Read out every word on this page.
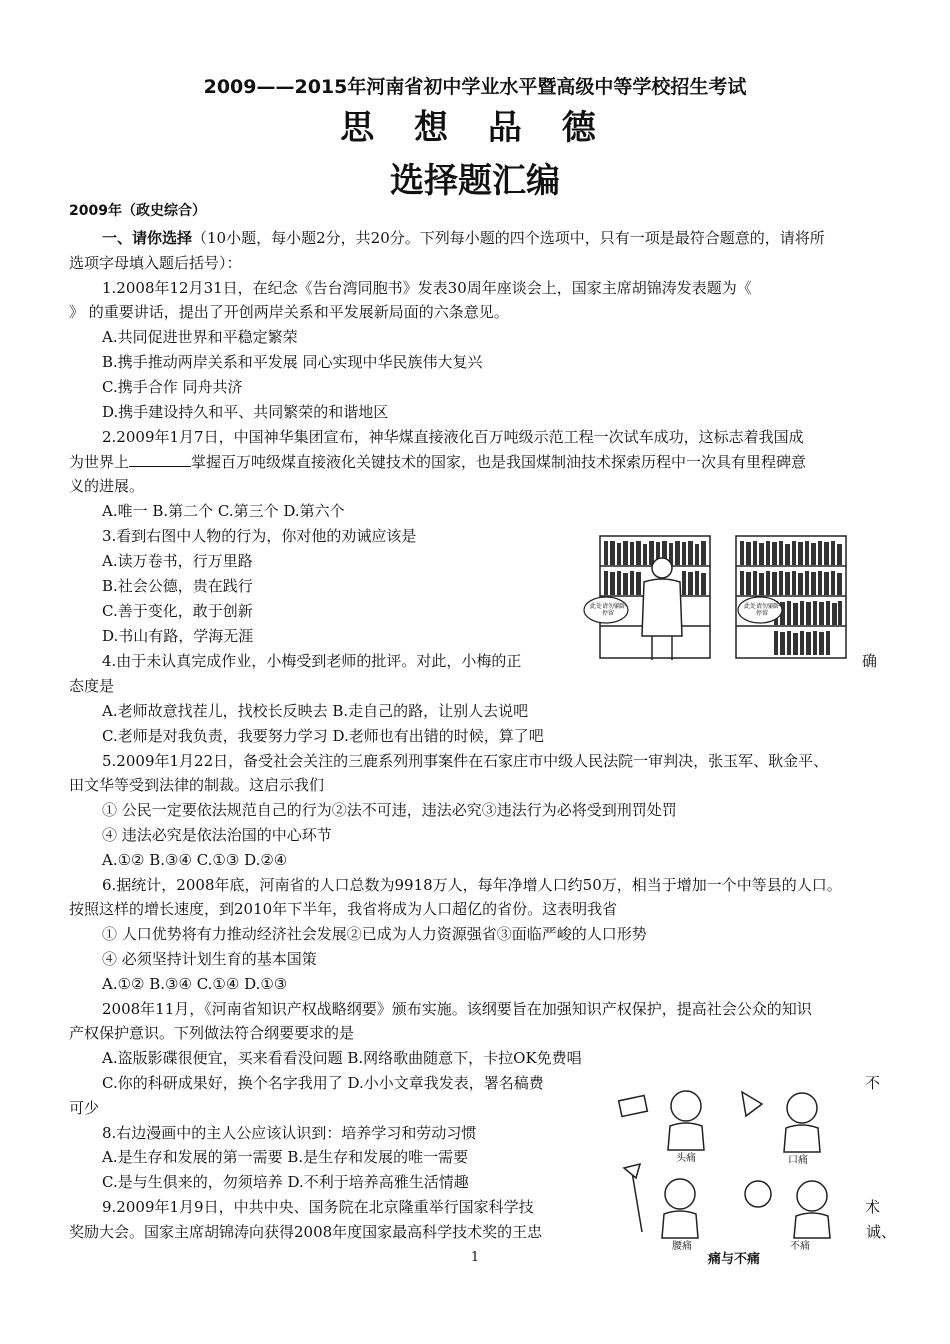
2009——2015年河南省初中学业水平暨高级中等学校招生考试
思 想 品 德
选择题汇编
2009年（政史综合）
一、请你选择（10小题，每小题2分，共20分。下列每小题的四个选项中，只有一项是最符合题意的，请将所
选项字母填入题后括号）：
1.2008年12月31日，在纪念《告台湾同胞书》发表30周年座谈会上，国家主席胡锦涛发表题为《
》 的重要讲话，提出了开创两岸关系和平发展新局面的六条意见。
A.共同促进世界和平稳定繁荣
B.携手推动两岸关系和平发展 同心实现中华民族伟大复兴
C.携手合作 同舟共济
D.携手建设持久和平、共同繁荣的和谐地区
2.2009年1月7日，中国神华集团宣布，神华煤直接液化百万吨级示范工程一次试车成功，这标志着我国成
为世界上	掌握百万吨级煤直接液化关键技术的国家，也是我国煤制油技术探索历程中一次具有里程碑意
义的进展。
A.唯一 B.第二个 C.第三个 D.第六个
3.看到右图中人物的行为，你对他的劝诫应该是
A.读万卷书，行万里路
B.社会公德，贵在践行
C.善于变化，敢于创新
D.书山有路，学海无涯
此处请勿躺卧停留
此处请勿躺卧停留
4.由于未认真完成作业，小梅受到老师的批评。对此，小梅的正	确
态度是
A.老师故意找茬儿，找校长反映去 B.走自己的路，让别人去说吧
C.老师是对我负责，我要努力学习 D.老师也有出错的时候，算了吧
5.2009年1月22日，备受社会关注的三鹿系列刑事案件在石家庄市中级人民法院一审判决，张玉军、耿金平、
田文华等受到法律的制裁。这启示我们
① 公民一定要依法规范自己的行为②法不可违，违法必究③违法行为必将受到刑罚处罚
④ 违法必究是依法治国的中心环节
A.①② B.③④ C.①③ D.②④
6.据统计，2008年底，河南省的人口总数为9918万人，每年净增人口约50万，相当于增加一个中等县的人口。
按照这样的增长速度，到2010年下半年，我省将成为人口超亿的省份。这表明我省
① 人口优势将有力推动经济社会发展②已成为人力资源强省③面临严峻的人口形势
④ 必须坚持计划生育的基本国策
A.①② B.③④ C.①④ D.①③
2008年11月，《河南省知识产权战略纲要》颁布实施。该纲要旨在加强知识产权保护，提高社会公众的知识
产权保护意识。下列做法符合纲要要求的是
A.盗版影碟很便宜，买来看看没问题 B.网络歌曲随意下，卡拉OK免费唱
C.你的科研成果好，换个名字我用了 D.小小文章我发表，署名稿费	不
可少
8.右边漫画中的主人公应该认识到：培养学习和劳动习惯
A.是生存和发展的第一需要 B.是生存和发展的唯一需要
C.是与生俱来的，勿须培养 D.不利于培养高雅生活情趣
9.2009年1月9日，中共中央、国务院在北京隆重举行国家科学技	术
奖励大会。国家主席胡锦涛向获得2008年度国家最高科学技术奖的王忠	诚、
头痛	口痛
腰痛	不痛
痛与不痛
1
